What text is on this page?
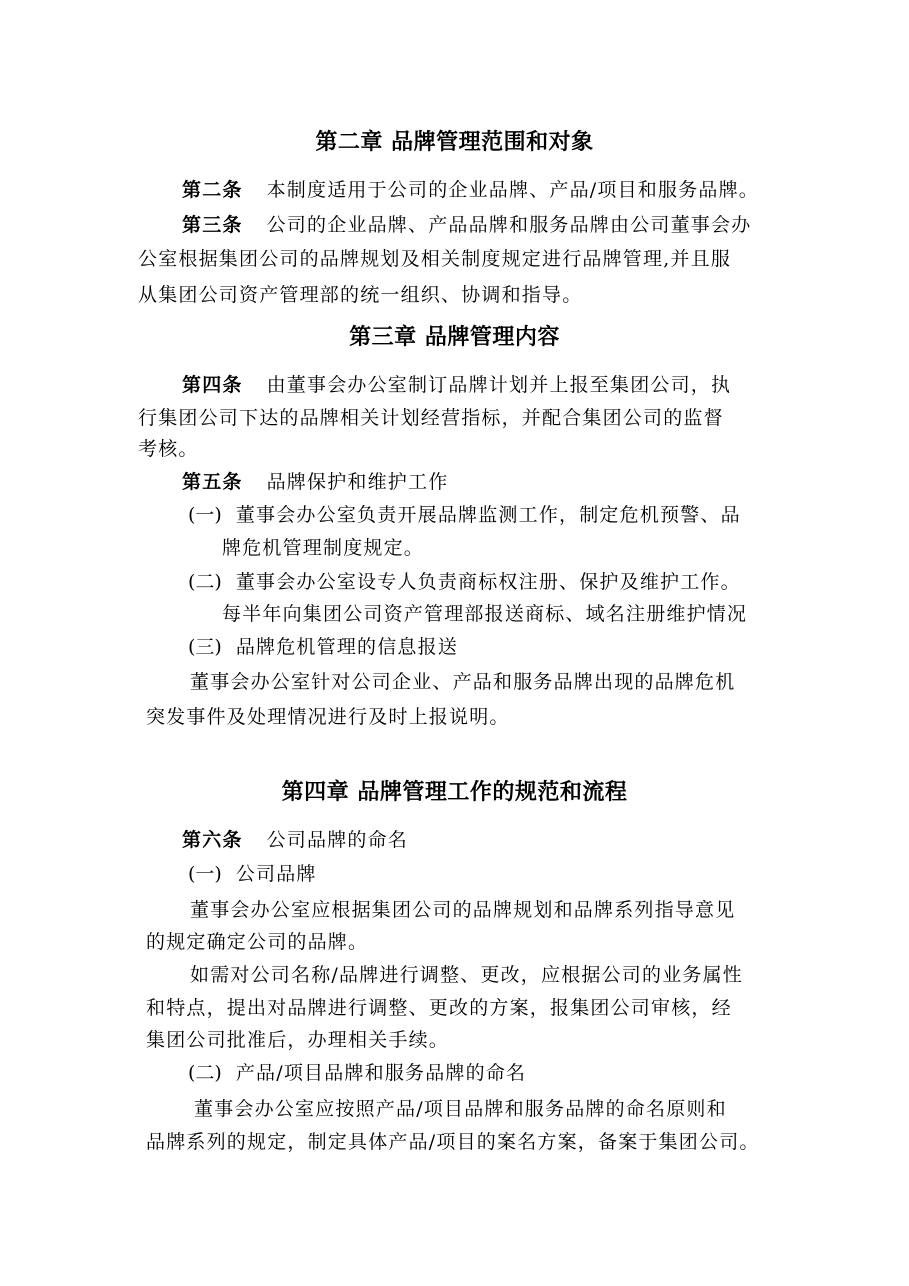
第二章 品牌管理范围和对象
第二条 本制度适用于公司的企业品牌、产品/项目和服务品牌。
第三条 公司的企业品牌、产品品牌和服务品牌由公司董事会办
公室根据集团公司的品牌规划及相关制度规定进行品牌管理,并且服
从集团公司资产管理部的统一组织、协调和指导。
第三章 品牌管理内容
第四条 由董事会办公室制订品牌计划并上报至集团公司，执
行集团公司下达的品牌相关计划经营指标，并配合集团公司的监督
考核。
第五条 品牌保护和维护工作
(一) 董事会办公室负责开展品牌监测工作，制定危机预警、品
牌危机管理制度规定。
(二) 董事会办公室设专人负责商标权注册、保护及维护工作。
每半年向集团公司资产管理部报送商标、域名注册维护情况
(三) 品牌危机管理的信息报送
董事会办公室针对公司企业、产品和服务品牌出现的品牌危机
突发事件及处理情况进行及时上报说明。
第四章 品牌管理工作的规范和流程
第六条 公司品牌的命名
(一) 公司品牌
董事会办公室应根据集团公司的品牌规划和品牌系列指导意见
的规定确定公司的品牌。
如需对公司名称/品牌进行调整、更改，应根据公司的业务属性
和特点，提出对品牌进行调整、更改的方案，报集团公司审核，经
集团公司批准后，办理相关手续。
(二) 产品/项目品牌和服务品牌的命名
董事会办公室应按照产品/项目品牌和服务品牌的命名原则和
品牌系列的规定，制定具体产品/项目的案名方案，备案于集团公司。
